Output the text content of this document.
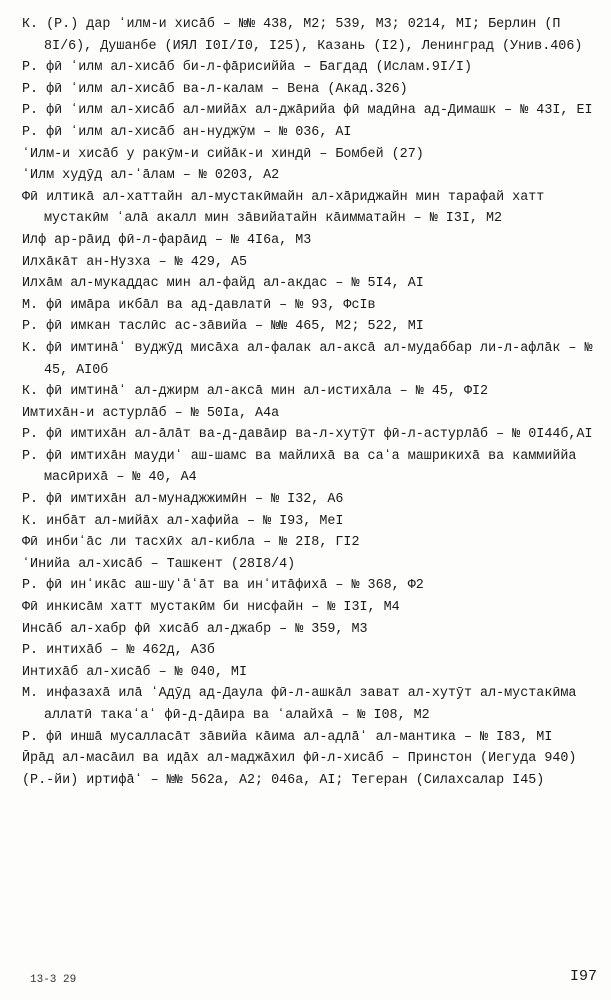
К. (Р.) дар ʻилм-и хисāб – №№ 438, М2; 539, М3; 0214, МI; Берлин (П 8I/6), Душанбе (ИЯЛ I0I/I0, I25), Казань (I2), Ленинград (Унив.406)
Р. фӣ ʻилм ал-хисāб би-л-фāрисиййа – Багдад (Ислам.9I/I)
Р. фӣ ʻилм ал-хисāб ва-л-калам – Вена (Акад.326)
Р. фӣ ʻилм ал-хисāб ал-мийāх ал-джāрийа фӣ мадӣна ад-Димашк – № 43I, ЕI
Р. фӣ ʻилм ал-хисāб ан-нуджӯм – № 036, АI
ʻИлм-и хисāб у ракӯм-и сийāк-и хиндӣ – Бомбей (27)
ʻИлм худӯд ал-ʻāлам – № 0203, А2
Фӣ илтикā ал-хаттайн ал-мустакӣмайн ал-хāриджайн мин тарафай хатт мустакӣм ʻалā акалл мин зāвийатайн кāимматайн – № I3I, М2
Илф ар-рāид фӣ-л-фарāид – № 4I6а, М3
Илхāкāт ан-Нузха – № 429, А5
Илхāм ал-мукаддас мин ал-файд ал-акдас – № 5I4, АI
М. фӣ имāра икбāл ва ад-давлатӣ – № 93, ФсIв
Р. фӣ имкан таслӣс ас-зāвийа – №№ 465, М2; 522, МI
К. фӣ имтинāʻ вуджӯд мисāха ал-фалак ал-аксā ал-мудаббар ли-л-афлāк – № 45, АI0б
К. фӣ имтинāʻ ал-джирм ал-аксā мин ал-истихāла – № 45, ФI2
Имтихāн-и астурлāб – № 50Iа, А4а
Р. фӣ имтихāн ал-āлāт ва-д-давāир ва-л-хутӯт фӣ-л-астурлāб – № 0I44б,АI
Р. фӣ имтихāн маудиʻ аш-шамс ва майлихā ва саʻа машрикихā ва каммиййа масӣрихā – № 40, А4
Р. фӣ имтихāн ал-мунаджжимӣн – № I32, А6
К. инбāт ал-мийāх ал-хафийа – № I93, МеI
Фӣ инбиʻāс ли тасхӣх ал-кибла – № 2I8, ГI2
ʻИнийа ал-хисāб – Ташкент (28I8/4)
Р. фӣ инʻикāс аш-шуʻāʻāт ва инʻитāфихā – № 368, Ф2
Фӣ инкисāм хатт мустакӣм би нисфайн – № I3I, М4
Инсāб ал-хабр фӣ хисāб ал-джабр – № 359, М3
Р. интихāб – № 462д, А3б
Интихāб ал-хисāб – № 040, МI
М. инфазахā илā ʻАдӯд ад-Даула фӣ-л-ашкāл зават ал-хутӯт ал-мустакӣма аллатӣ такаʻаʻ фӣ-д-дāира ва ʻалайхā – № I08, М2
Р. фӣ иншā мусалласāт зāвийа кāима ал-адлāʻ ал-мантика – № I83, МI
Ӣрāд ал-масāил ва идāх ал-маджāхил фӣ-л-хисāб – Принстон (Иегуда 940)
(Р.-йи) иртифāʻ – №№ 562а, А2; 046а, АI; Тегеран (Силахсалар I45)
13-3 29	I97
